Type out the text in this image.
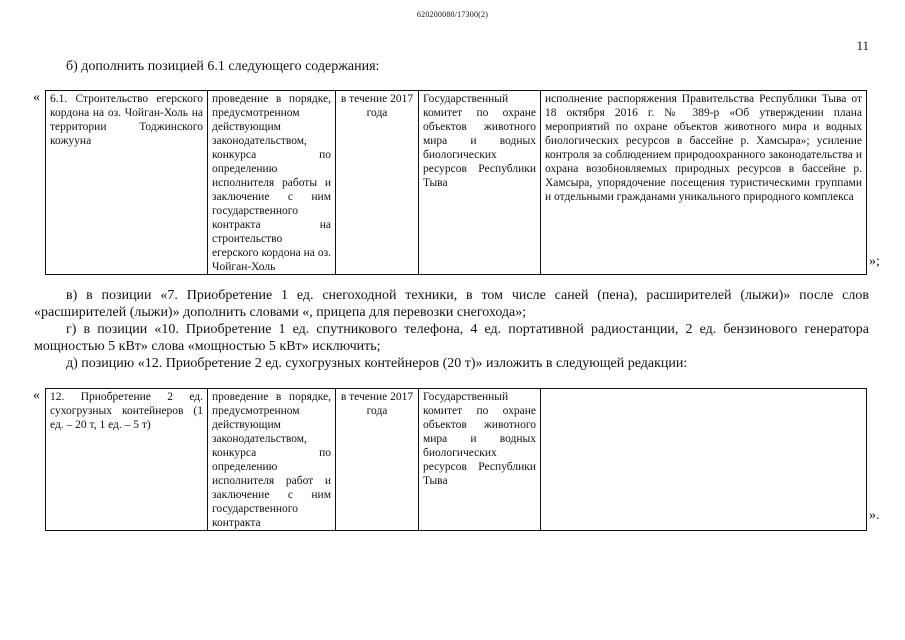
620200080/17300(2)
11
б) дополнить позицией 6.1 следующего содержания:
« 6.1. Строительство егерского кордона на оз. Чойган-Холь на территории Тоджинского кожууна	проведение в порядке, предусмотренном действующим законодательством, конкурса по определению исполнителя работы и заключение с ним государственного контракта на строительство егерского кордона на оз. Чойган-Холь	в течение 2017 года	Государственный комитет по охране объектов животного мира и водных биологических ресурсов Республики Тыва	исполнение распоряжения Правительства Республики Тыва от 18 октября 2016 г. № 389-р «Об утверждении плана мероприятий по охране объектов животного мира и водных биологических ресурсов в бассейне р. Хамсыра»; усиление контроля за соблюдением природоохранного законодательства и охрана возобновляемых природных ресурсов в бассейне р. Хамсыра, упорядочение посещения туристическими группами и отдельными гражданами уникального природного комплекса
»;
в) в позиции «7. Приобретение 1 ед. снегоходной техники, в том числе саней (пена), расширителей (лыжи)» после слов «расширителей (лыжи)» дополнить словами «, прицепа для перевозки снегохода»;
г) в позиции «10. Приобретение 1 ед. спутникового телефона, 4 ед. портативной радиостанции, 2 ед. бензинового генератора мощностью 5 кВт» слова «мощностью 5 кВт» исключить;
д) позицию «12. Приобретение 2 ед. сухогрузных контейнеров (20 т)» изложить в следующей редакции:
« 12. Приобретение 2 ед. сухогрузных контейнеров (1 ед. – 20 т, 1 ед. – 5 т)	проведение в порядке, предусмотренном действующим законодательством, конкурса по определению исполнителя работ и заключение с ним государственного контракта	в течение 2017 года	Государственный комитет по охране объектов животного мира и водных биологических ресурсов Республики Тыва	
».
